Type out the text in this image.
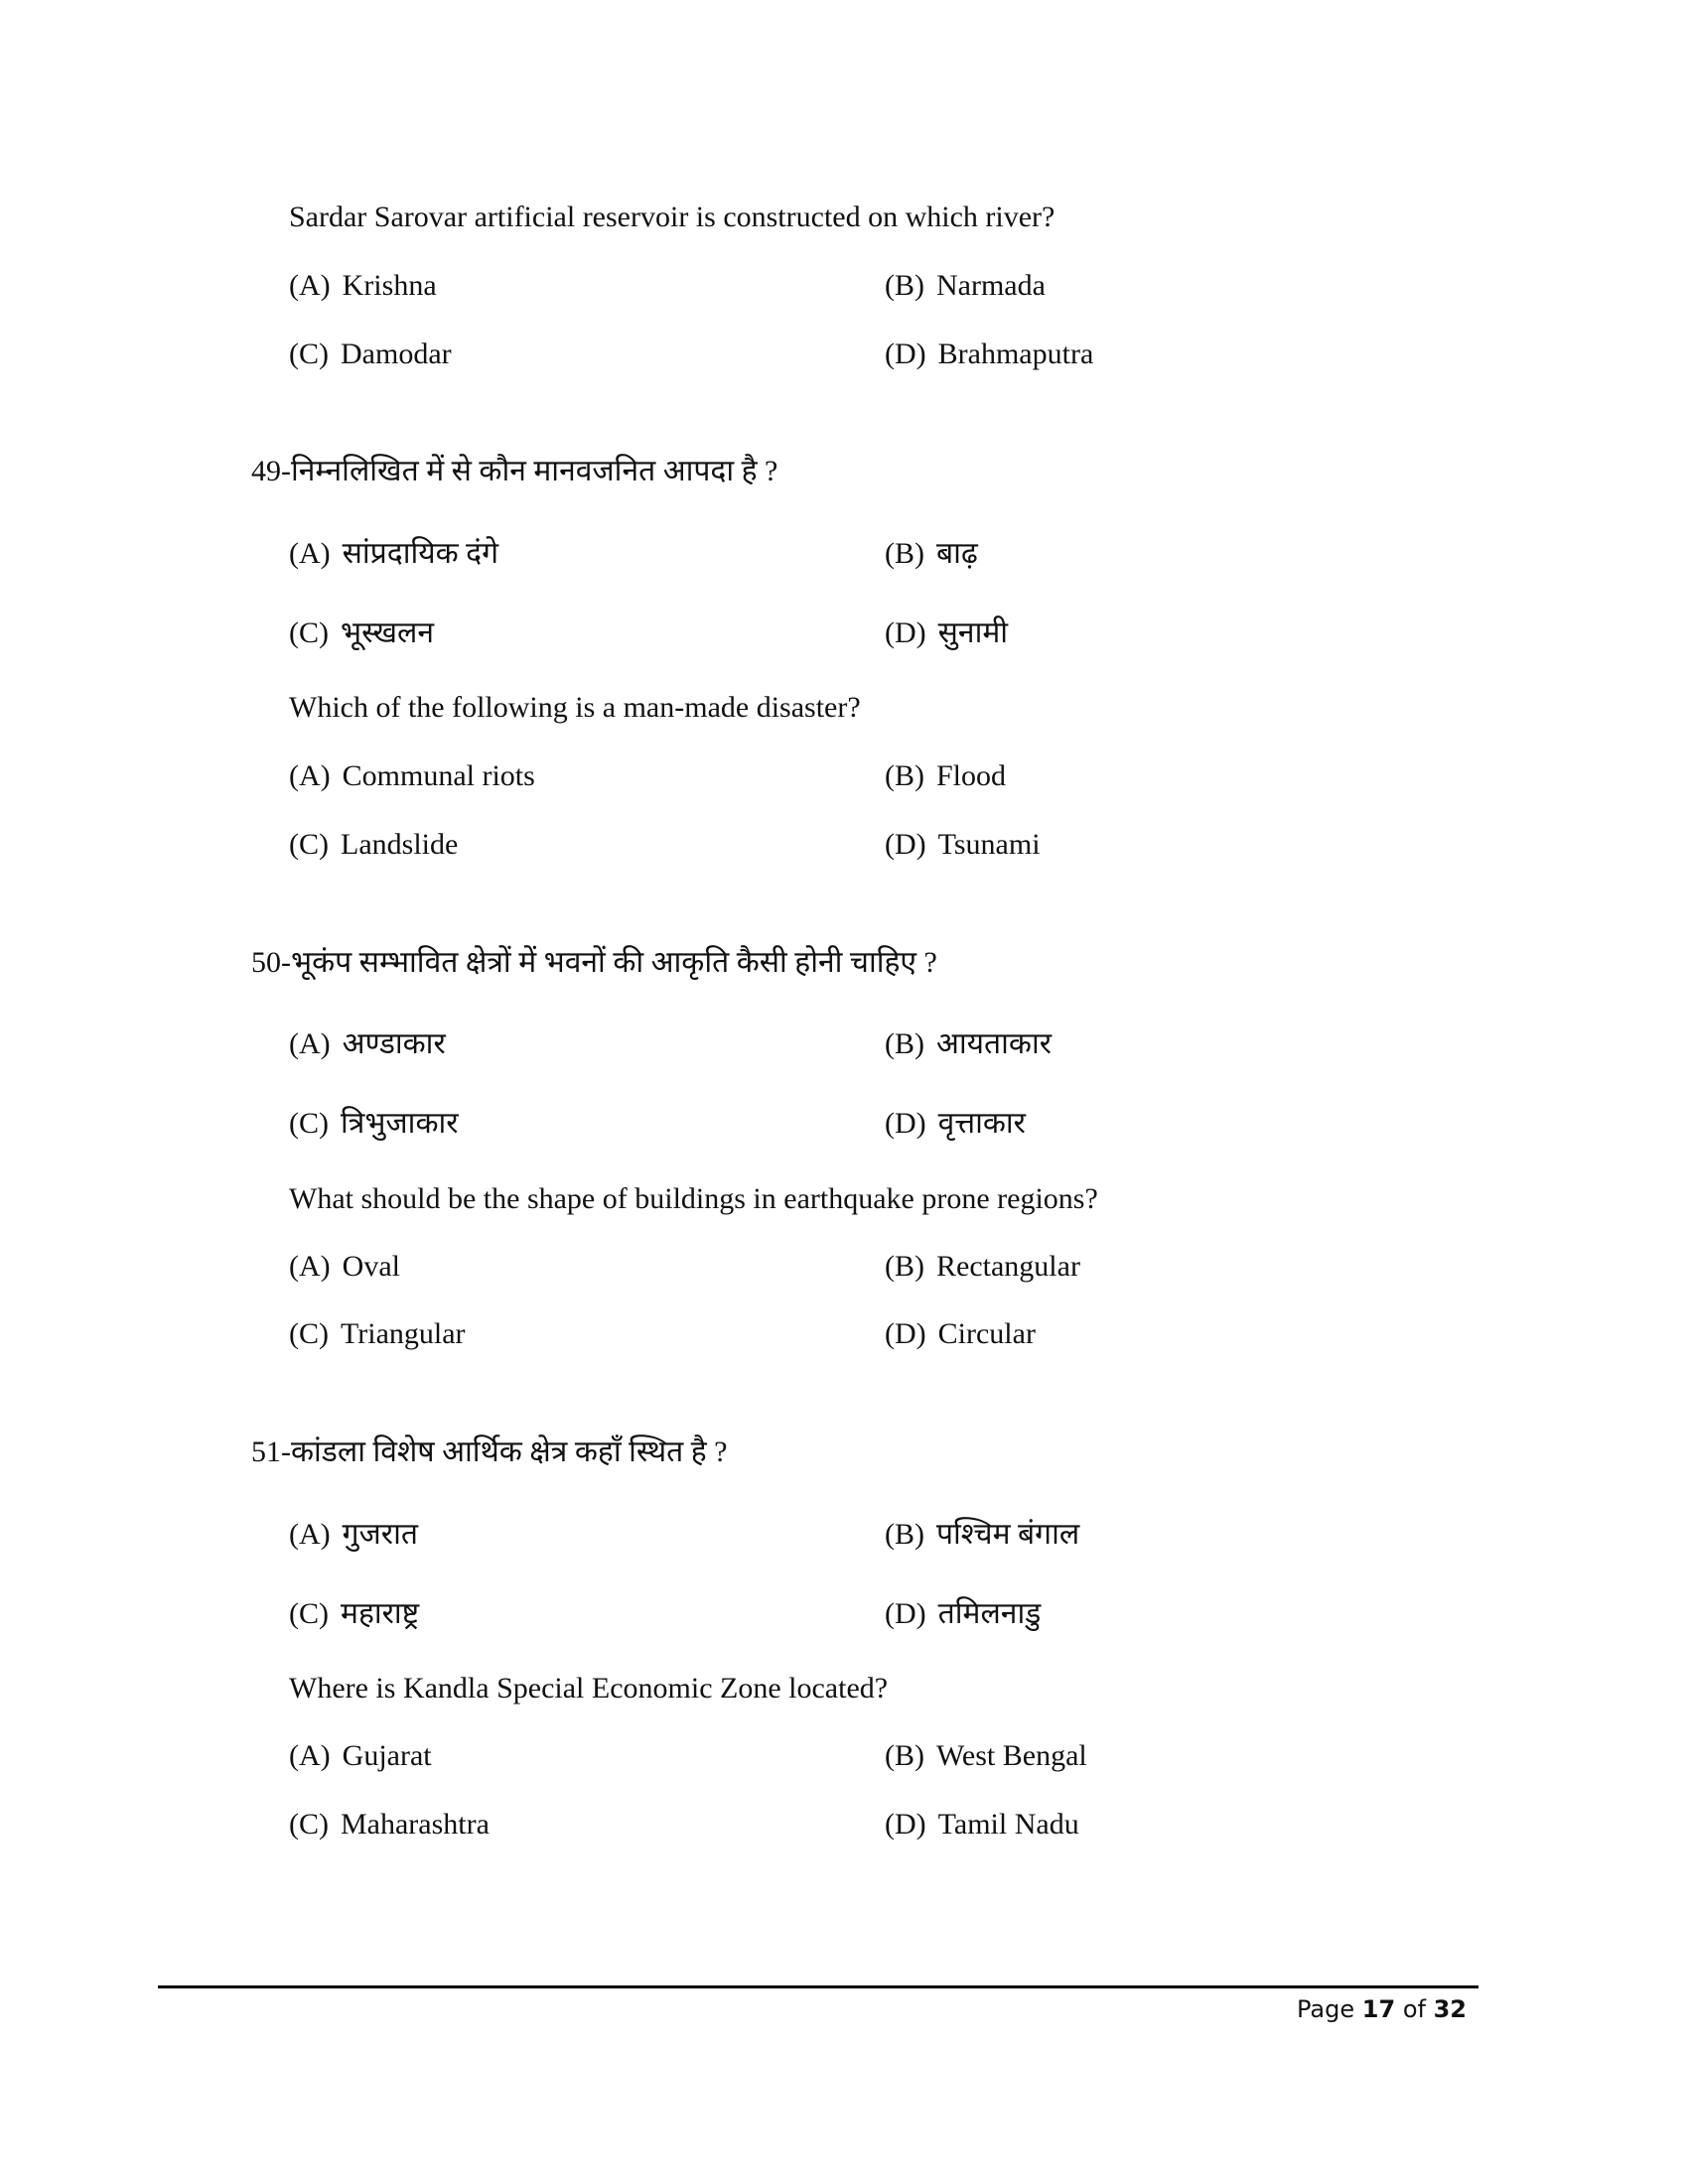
Sardar Sarovar artificial reservoir is constructed on which river?
(A) Krishna	(B) Narmada
(C) Damodar	(D) Brahmaputra
49-निम्नलिखित में से कौन मानवजनित आपदा है ?
(A) सांप्रदायिक दंगे	(B) बाढ़
(C) भूस्खलन	(D) सुनामी
Which of the following is a man-made disaster?
(A) Communal riots	(B) Flood
(C) Landslide	(D) Tsunami
50-भूकंप सम्भावित क्षेत्रों में भवनों की आकृति कैसी होनी चाहिए ?
(A) अण्डाकार	(B) आयताकार
(C) त्रिभुजाकार	(D) वृत्ताकार
What should be the shape of buildings in earthquake prone regions?
(A) Oval	(B) Rectangular
(C) Triangular	(D) Circular
51-कांडला विशेष आर्थिक क्षेत्र कहाँ स्थित है ?
(A) गुजरात	(B) पश्चिम बंगाल
(C) महाराष्ट्र	(D) तमिलनाडु
Where is Kandla Special Economic Zone located?
(A) Gujarat	(B) West Bengal
(C) Maharashtra	(D) Tamil Nadu
Page 17 of 32
